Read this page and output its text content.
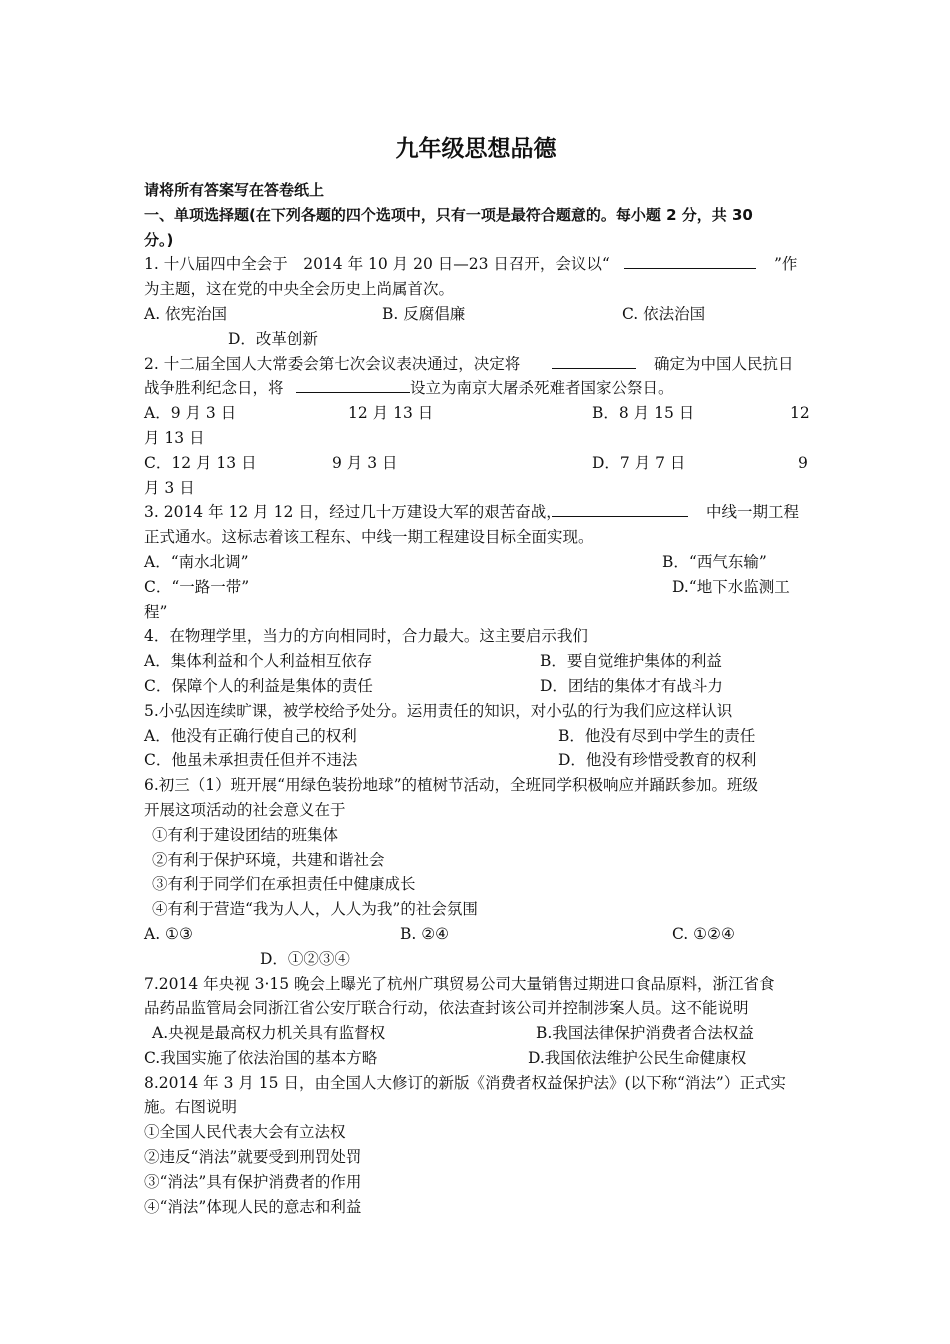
九年级思想品德

请将所有答案写在答卷纸上

一、单项选择题(在下列各题的四个选项中，只有一项是最符合题意的。每小题 2 分，共 30

分。)

1. 十八届四中全会于　2014 年 10 月 20 日—23 日召开，会议以“	”作
为主题，这在党的中央全会历史上尚属首次。
A. 依宪治国	B. 反腐倡廉	C. 依法治国
D．改革创新
2. 十二届全国人大常委会第七次会议表决通过，决定将	确定为中国人民抗日
战争胜利纪念日，将	设立为南京大屠杀死难者国家公祭日。
A．9 月 3 日	12 月 13 日	B．8 月 15 日	12
月 13 日
C．12 月 13 日	9 月 3 日	D．7 月 7 日	9
月 3 日
3. 2014 年 12 月 12 日，经过几十万建设大军的艰苦奋战，	中线一期工程
正式通水。这标志着该工程东、中线一期工程建设目标全面实现。
A．“南水北调”	B．“西气东输”
C．“一路一带”	D.“地下水监测工
程”
4．在物理学里，当力的方向相同时，合力最大。这主要启示我们
A．集体利益和个人利益相互依存	B．要自觉维护集体的利益
C．保障个人的利益是集体的责任	D．团结的集体才有战斗力
5.小弘因连续旷课，被学校给予处分。运用责任的知识，对小弘的行为我们应这样认识
A．他没有正确行使自己的权利	B．他没有尽到中学生的责任
C．他虽未承担责任但并不违法	D．他没有珍惜受教育的权利
6.初三（1）班开展“用绿色装扮地球”的植树节活动，全班同学积极响应并踊跃参加。班级
开展这项活动的社会意义在于
①有利于建设团结的班集体
②有利于保护环境，共建和谐社会
③有利于同学们在承担责任中健康成长
④有利于营造“我为人人，人人为我”的社会氛围
A. ①③	B. ②④	C. ①②④
D．①②③④
7.2014 年央视 3·15 晚会上曝光了杭州广琪贸易公司大量销售过期进口食品原料，浙江省食
品药品监管局会同浙江省公安厅联合行动，依法查封该公司并控制涉案人员。这不能说明
A.央视是最高权力机关具有监督权	B.我国法律保护消费者合法权益
C.我国实施了依法治国的基本方略	D.我国依法维护公民生命健康权
8.2014 年 3 月 15 日，由全国人大修订的新版《消费者权益保护法》(以下称“消法”）正式实
施。右图说明
①全国人民代表大会有立法权
②违反“消法”就要受到刑罚处罚
③“消法”具有保护消费者的作用
④“消法”体现人民的意志和利益
